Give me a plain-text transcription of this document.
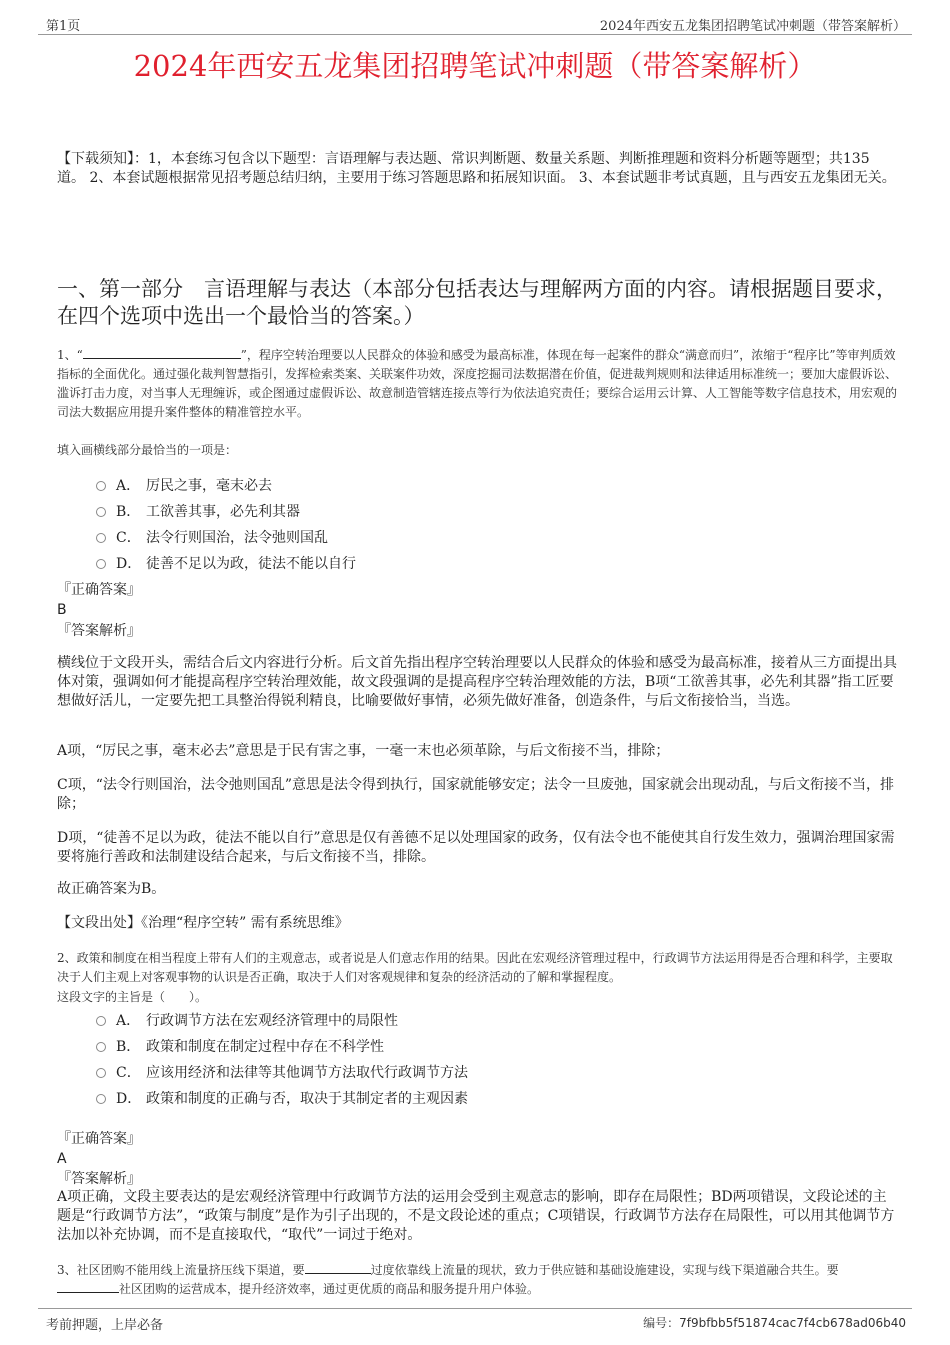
第1页	2024年西安五龙集团招聘笔试冲刺题（带答案解析）
2024年西安五龙集团招聘笔试冲刺题（带答案解析）
【下载须知】：1，本套练习包含以下题型：言语理解与表达题、常识判断题、数量关系题、判断推理题和资料分析题等题型；共135道。 2、本套试题根据常见招考题总结归纳，主要用于练习答题思路和拓展知识面。 3、本套试题非考试真题，且与西安五龙集团无关。
一、第一部分　言语理解与表达（本部分包括表达与理解两方面的内容。请根据题目要求，在四个选项中选出一个最恰当的答案。）
1、“	”，程序空转治理要以人民群众的体验和感受为最高标准，体现在每一起案件的群众“满意而归”，浓缩于“程序比”等审判质效指标的全面优化。通过强化裁判智慧指引，发挥检索类案、关联案件功效，深度挖掘司法数据潜在价值，促进裁判规则和法律适用标准统一；要加大虚假诉讼、滥诉打击力度，对当事人无理缠诉，或企图通过虚假诉讼、故意制造管辖连接点等行为依法追究责任；要综合运用云计算、人工智能等数字信息技术，用宏观的司法大数据应用提升案件整体的精准管控水平。
填入画横线部分最恰当的一项是：
A． 厉民之事，毫末必去
B． 工欲善其事，必先利其器
C． 法令行则国治，法令弛则国乱
D． 徒善不足以为政，徒法不能以自行
『正确答案』
B
『答案解析』
横线位于文段开头，需结合后文内容进行分析。后文首先指出程序空转治理要以人民群众的体验和感受为最高标准，接着从三方面提出具体对策，强调如何才能提高程序空转治理效能，故文段强调的是提高程序空转治理效能的方法，B项“工欲善其事，必先利其器”指工匠要想做好活儿，一定要先把工具整治得锐利精良，比喻要做好事情，必须先做好准备，创造条件，与后文衔接恰当，当选。
A项，“厉民之事，毫末必去”意思是于民有害之事，一毫一末也必须革除，与后文衔接不当，排除；
C项，“法令行则国治，法令弛则国乱”意思是法令得到执行，国家就能够安定；法令一旦废弛，国家就会出现动乱，与后文衔接不当，排除；
D项，“徒善不足以为政，徒法不能以自行”意思是仅有善德不足以处理国家的政务，仅有法令也不能使其自行发生效力，强调治理国家需要将施行善政和法制建设结合起来，与后文衔接不当，排除。
故正确答案为B。
【文段出处】《治理“程序空转” 需有系统思维》
2、政策和制度在相当程度上带有人们的主观意志，或者说是人们意志作用的结果。因此在宏观经济管理过程中，行政调节方法运用得是否合理和科学，主要取决于人们主观上对客观事物的认识是否正确，取决于人们对客观规律和复杂的经济活动的了解和掌握程度。
这段文字的主旨是（　　）。
A． 行政调节方法在宏观经济管理中的局限性
B． 政策和制度在制定过程中存在不科学性
C． 应该用经济和法律等其他调节方法取代行政调节方法
D． 政策和制度的正确与否，取决于其制定者的主观因素
『正确答案』
A
『答案解析』
A项正确，文段主要表达的是宏观经济管理中行政调节方法的运用会受到主观意志的影响，即存在局限性；BD两项错误，文段论述的主题是“行政调节方法”，“政策与制度”是作为引子出现的，不是文段论述的重点；C项错误，行政调节方法存在局限性，可以用其他调节方法加以补充协调，而不是直接取代，“取代”一词过于绝对。
3、社区团购不能用线上流量挤压线下渠道，要	过度依靠线上流量的现状，致力于供应链和基础设施建设，实现与线下渠道融合共生。要社区团购的运营成本，提升经济效率，通过更优质的商品和服务提升用户体验。
考前押题，上岸必备	编号：7f9bfbb5f51874cac7f4cb678ad06b40
